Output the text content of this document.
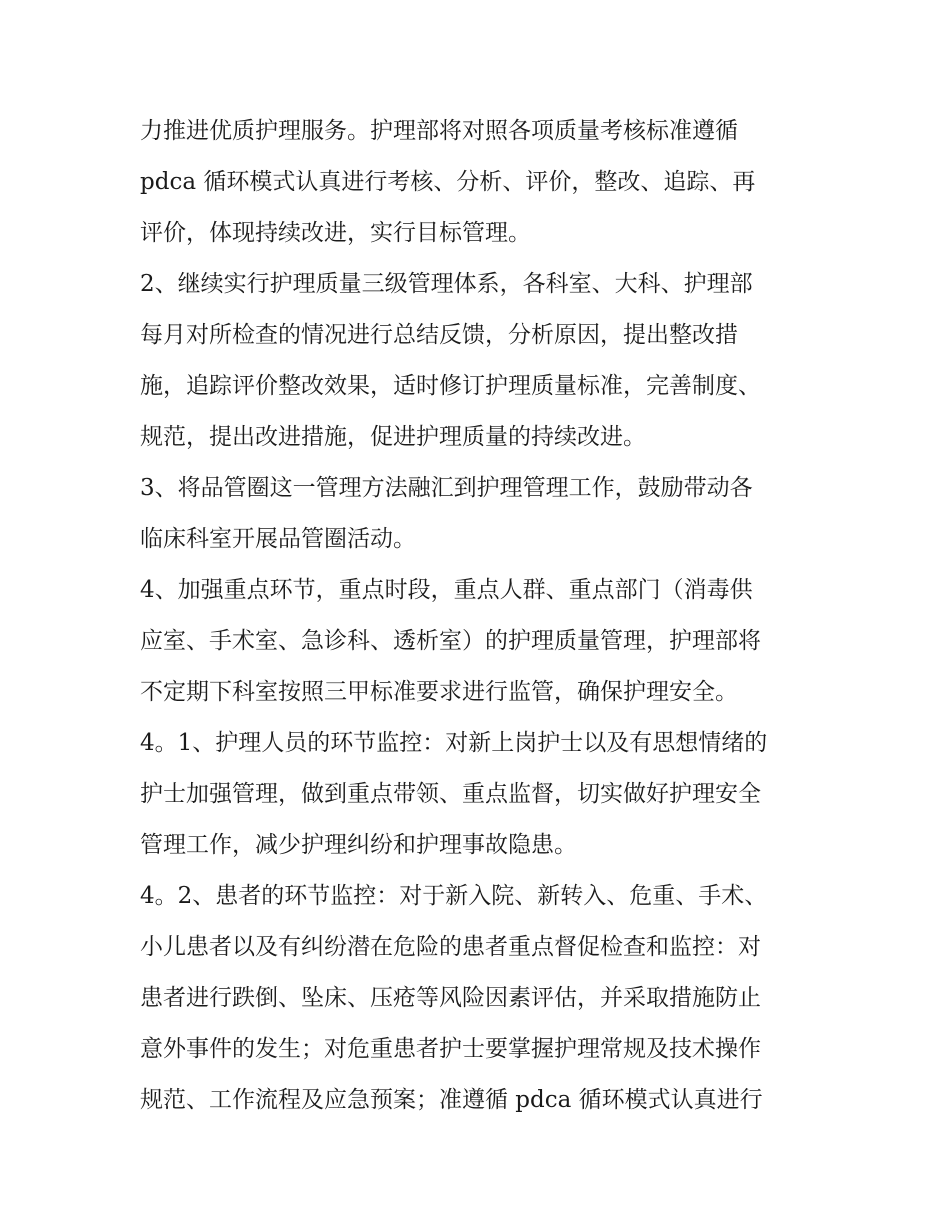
力推进优质护理服务。护理部将对照各项质量考核标准遵循

pdca 循环模式认真进行考核、分析、评价，整改、追踪、再

评价，体现持续改进，实行目标管理。

2、继续实行护理质量三级管理体系，各科室、大科、护理部

每月对所检查的情况进行总结反馈，分析原因，提出整改措

施，追踪评价整改效果，适时修订护理质量标准，完善制度、

规范，提出改进措施，促进护理质量的持续改进。

3、将品管圈这一管理方法融汇到护理管理工作，鼓励带动各

临床科室开展品管圈活动。

4、加强重点环节，重点时段，重点人群、重点部门（消毒供

应室、手术室、急诊科、透析室）的护理质量管理，护理部将

不定期下科室按照三甲标准要求进行监管，确保护理安全。

4。1、护理人员的环节监控：对新上岗护士以及有思想情绪的

护士加强管理，做到重点带领、重点监督，切实做好护理安全

管理工作，减少护理纠纷和护理事故隐患。

4。2、患者的环节监控：对于新入院、新转入、危重、手术、

小儿患者以及有纠纷潜在危险的患者重点督促检查和监控：对

患者进行跌倒、坠床、压疮等风险因素评估，并采取措施防止

意外事件的发生；对危重患者护士要掌握护理常规及技术操作

规范、工作流程及应急预案；准遵循 pdca 循环模式认真进行
